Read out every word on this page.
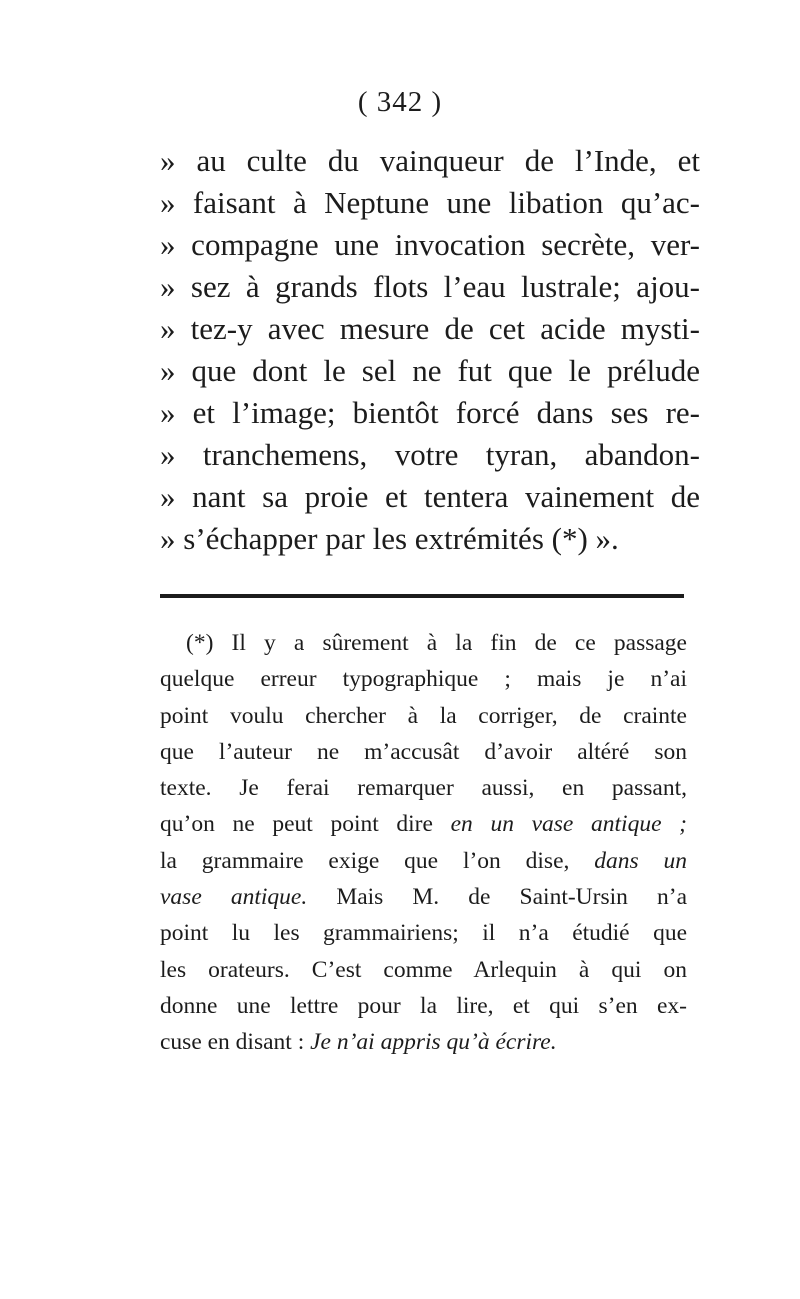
( 342 )
» au culte du vainqueur de l’Inde, et
» faisant à Neptune une libation qu’ac-
» compagne une invocation secrète, ver-
» sez à grands flots l’eau lustrale; ajou-
» tez-y avec mesure de cet acide mysti-
» que dont le sel ne fut que le prélude
» et l’image; bientôt forcé dans ses re-
» tranchemens, votre tyran, abandon-
» nant sa proie et tentera vainement de
» s’échapper par les extrémités (*) ».
(*) Il y a sûrement à la fin de ce passage
quelque erreur typographique ; mais je n’ai
point voulu chercher à la corriger, de crainte
que l’auteur ne m’accusât d’avoir altéré son
texte. Je ferai remarquer aussi, en passant,
qu’on ne peut point dire en un vase antique ;
la grammaire exige que l’on dise, dans un
vase antique. Mais M. de Saint-Ursin n’a
point lu les grammairiens; il n’a étudié que
les orateurs. C’est comme Arlequin à qui on
donne une lettre pour la lire, et qui s’en ex-
cuse en disant : Je n’ai appris qu’à écrire.
